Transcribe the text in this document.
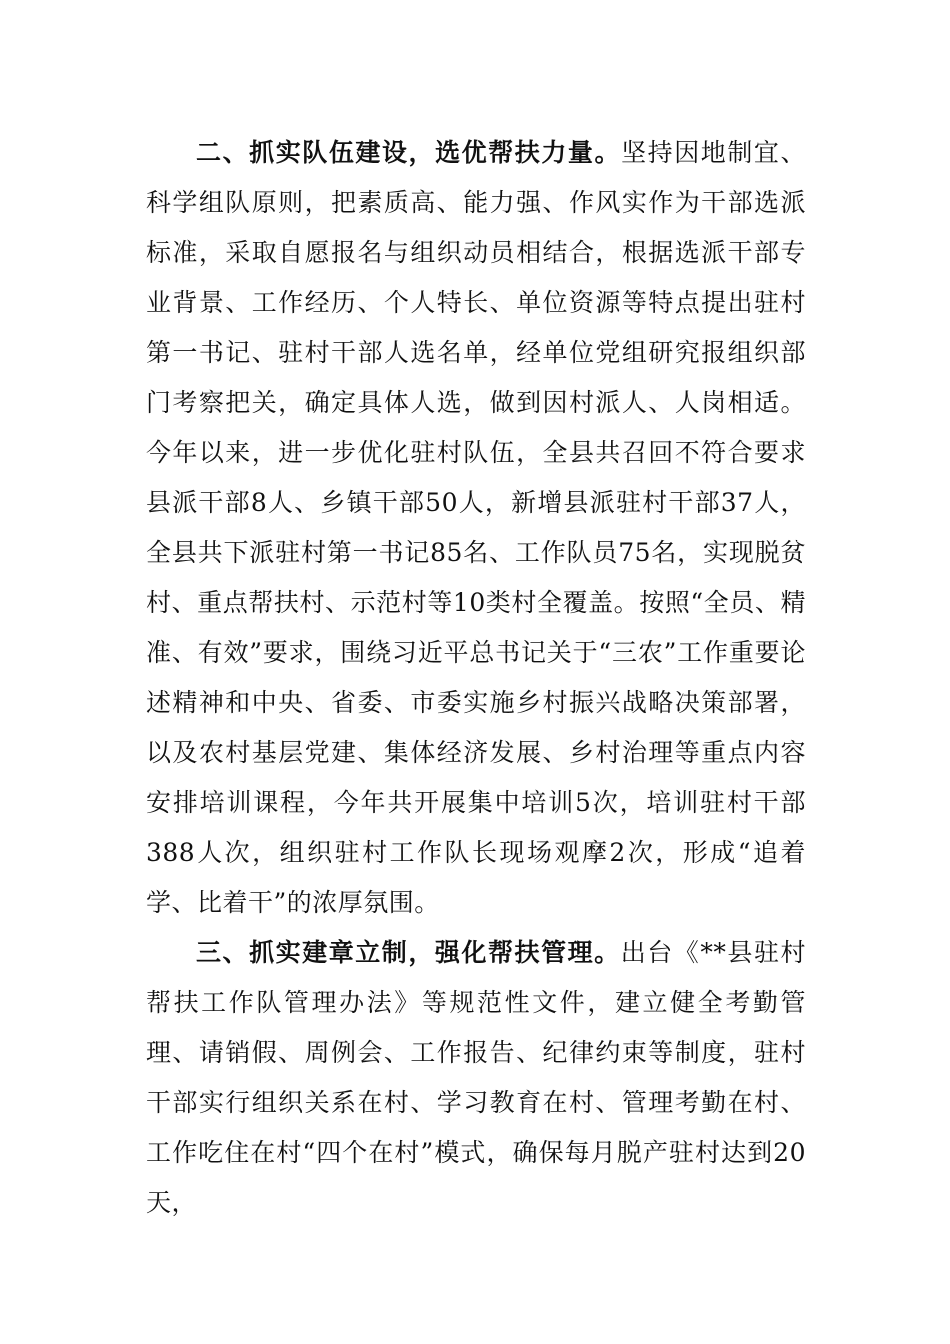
二、抓实队伍建设，选优帮扶力量。坚持因地制宜、科学组队原则，把素质高、能力强、作风实作为干部选派标准，采取自愿报名与组织动员相结合，根据选派干部专业背景、工作经历、个人特长、单位资源等特点提出驻村第一书记、驻村干部人选名单，经单位党组研究报组织部门考察把关，确定具体人选，做到因村派人、人岗相适。今年以来，进一步优化驻村队伍，全县共召回不符合要求县派干部8人、乡镇干部50人，新增县派驻村干部37人，全县共下派驻村第一书记85名、工作队员75名，实现脱贫村、重点帮扶村、示范村等10类村全覆盖。按照“全员、精准、有效”要求，围绕习近平总书记关于“三农”工作重要论述精神和中央、省委、市委实施乡村振兴战略决策部署，以及农村基层党建、集体经济发展、乡村治理等重点内容安排培训课程，今年共开展集中培训5次，培训驻村干部388人次，组织驻村工作队长现场观摩2次，形成“追着学、比着干”的浓厚氛围。

三、抓实建章立制，强化帮扶管理。出台《**县驻村帮扶工作队管理办法》等规范性文件，建立健全考勤管理、请销假、周例会、工作报告、纪律约束等制度，驻村干部实行组织关系在村、学习教育在村、管理考勤在村、工作吃住在村“四个在村”模式，确保每月脱产驻村达到20天，
